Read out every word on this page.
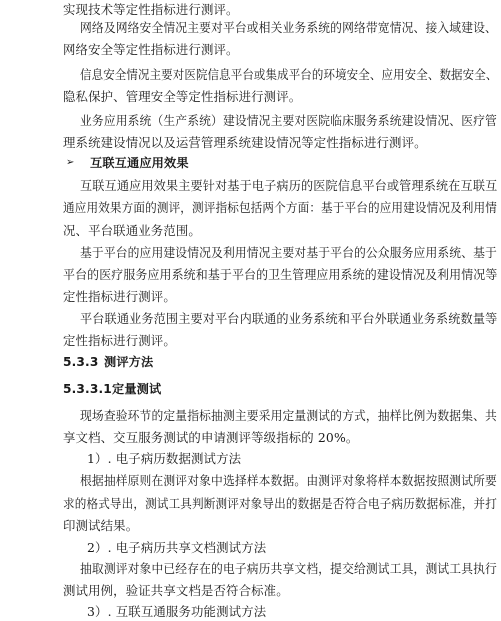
实现技术等定性指标进行测评。
网络及网络安全情况主要对平台或相关业务系统的网络带宽情况、接入域建设、
网络安全等定性指标进行测评。
信息安全情况主要对医院信息平台或集成平台的环境安全、应用安全、数据安全、
隐私保护、管理安全等定性指标进行测评。
业务应用系统（生产系统）建设情况主要对医院临床服务系统建设情况、医疗管
理系统建设情况以及运营管理系统建设情况等定性指标进行测评。
➢ 互联互通应用效果
互联互通应用效果主要针对基于电子病历的医院信息平台或管理系统在互联互
通应用效果方面的测评，测评指标包括两个方面：基于平台的应用建设情况及利用情
况、平台联通业务范围。
基于平台的应用建设情况及利用情况主要对基于平台的公众服务应用系统、基于
平台的医疗服务应用系统和基于平台的卫生管理应用系统的建设情况及利用情况等
定性指标进行测评。
平台联通业务范围主要对平台内联通的业务系统和平台外联通业务系统数量等
定性指标进行测评。
5.3.3 测评方法
5.3.3.1 定量测试
现场查验环节的定量指标抽测主要采用定量测试的方式，抽样比例为数据集、共
享文档、交互服务测试的申请测评等级指标的 20%。
1）. 电子病历数据测试方法
根据抽样原则在测评对象中选择样本数据。由测评对象将样本数据按照测试所要
求的格式导出，测试工具判断测评对象导出的数据是否符合电子病历数据标准，并打
印测试结果。
2）. 电子病历共享文档测试方法
抽取测评对象中已经存在的电子病历共享文档，提交给测试工具，测试工具执行
测试用例，验证共享文档是否符合标准。
3）. 互联互通服务功能测试方法
